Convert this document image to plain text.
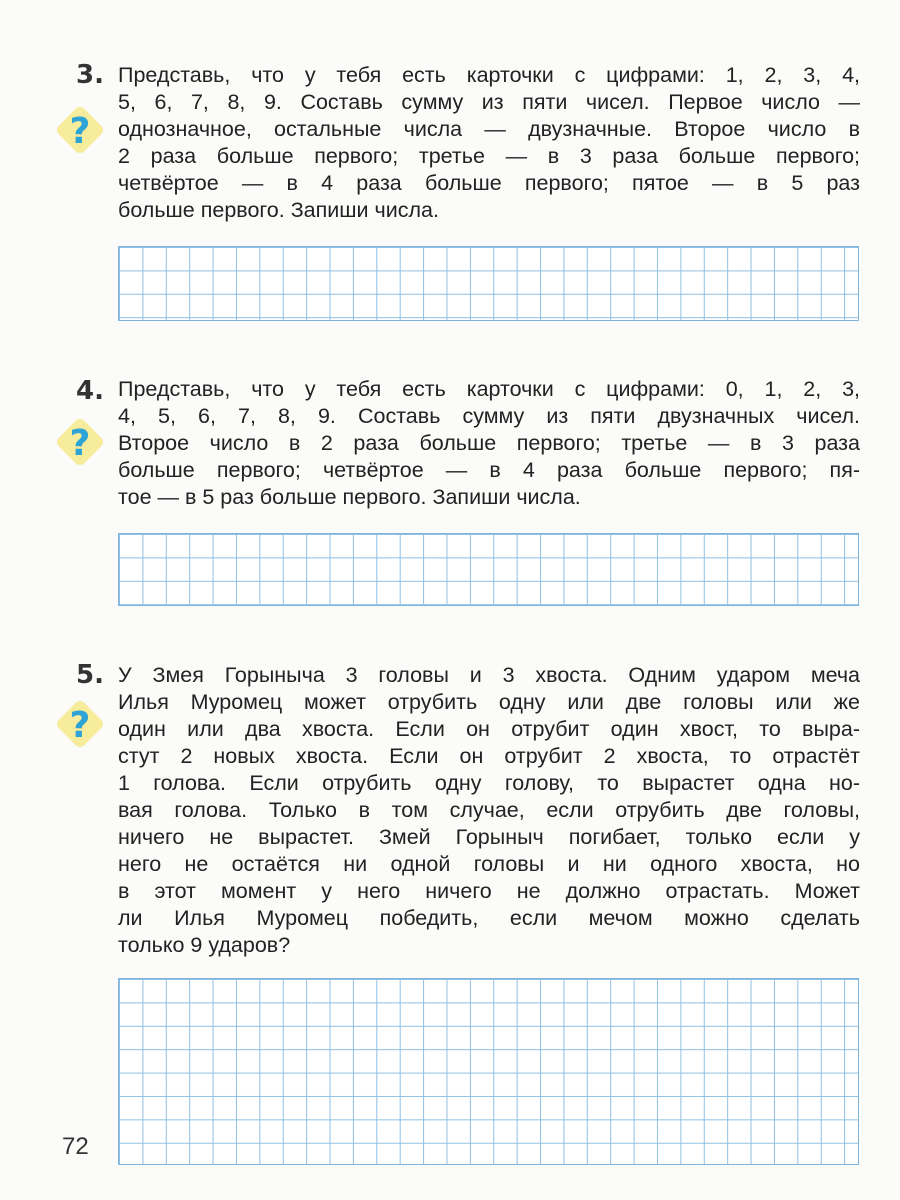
3.
?
Представь, что у тебя есть карточки с цифрами: 1, 2, 3, 4,
5, 6, 7, 8, 9. Составь сумму из пяти чисел. Первое число —
однозначное, остальные числа — двузначные. Второе число в
2 раза больше первого; третье — в 3 раза больше первого;
четвёртое — в 4 раза больше первого; пятое — в 5 раз
больше первого. Запиши числа.
4.
?
Представь, что у тебя есть карточки с цифрами: 0, 1, 2, 3,
4, 5, 6, 7, 8, 9. Составь сумму из пяти двузначных чисел.
Второе число в 2 раза больше первого; третье — в 3 раза
больше первого; четвёртое — в 4 раза больше первого; пя-
тое — в 5 раз больше первого. Запиши числа.
5.
?
У Змея Горыныча 3 головы и 3 хвоста. Одним ударом меча
Илья Муромец может отрубить одну или две головы или же
один или два хвоста. Если он отрубит один хвост, то выра-
стут 2 новых хвоста. Если он отрубит 2 хвоста, то отрастёт
1 голова. Если отрубить одну голову, то вырастет одна но-
вая голова. Только в том случае, если отрубить две головы,
ничего не вырастет. Змей Горыныч погибает, только если у
него не остаётся ни одной головы и ни одного хвоста, но
в этот момент у него ничего не должно отрастать. Может
ли Илья Муромец победить, если мечом можно сделать
только 9 ударов?
72
